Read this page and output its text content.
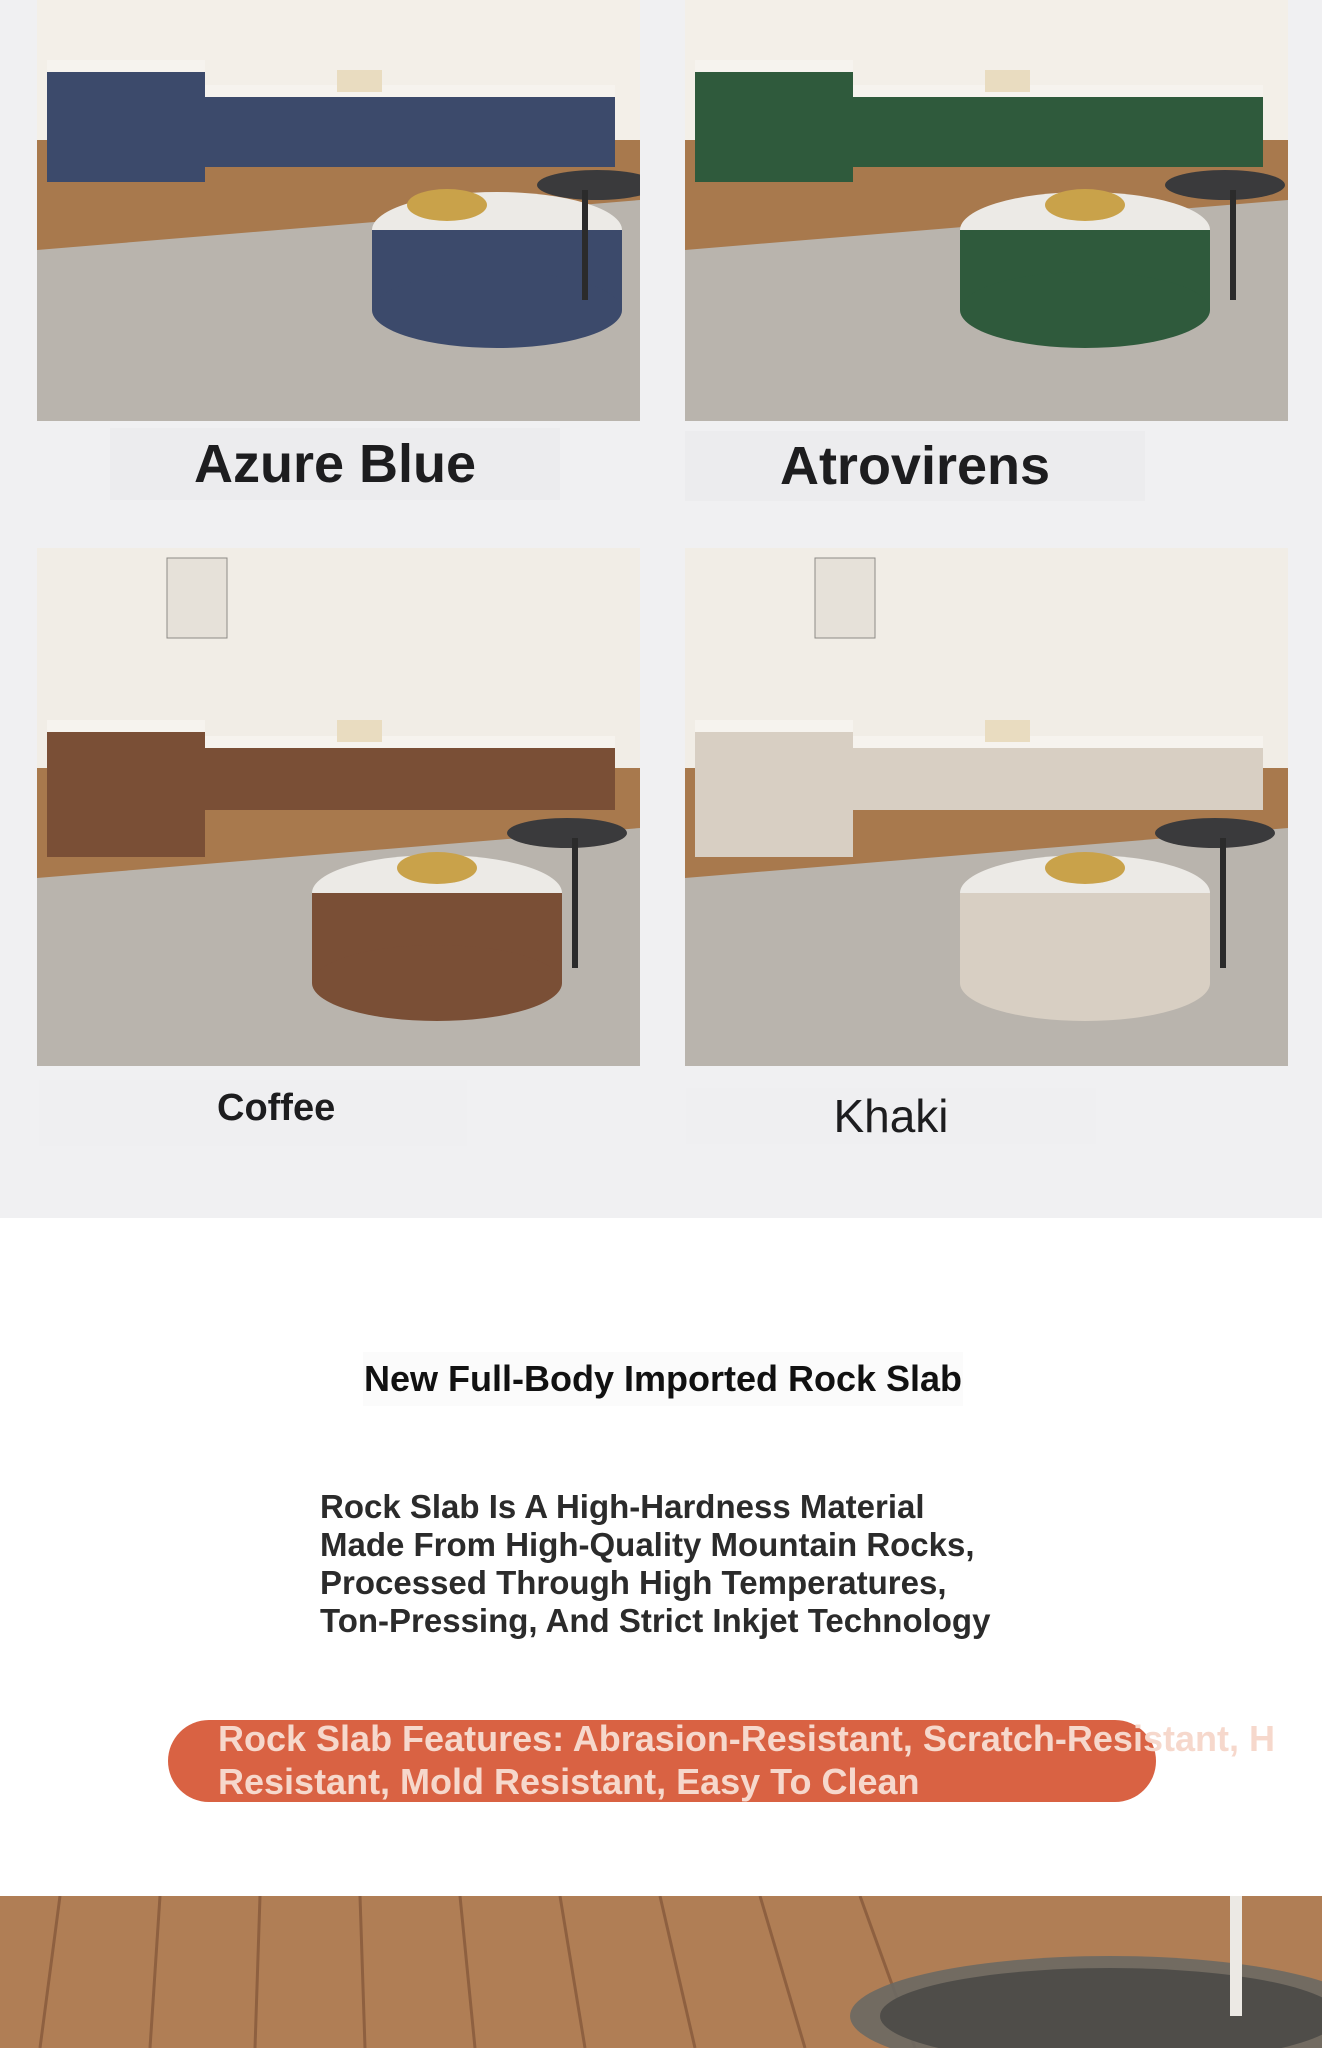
Azure Blue	Atrovirens
Coffee	Khaki
New Full-Body Imported Rock Slab
Rock Slab Is A High-Hardness Material
Made From High-Quality Mountain Rocks,
Processed Through High Temperatures,
Ton-Pressing, And Strict Inkjet Technology
Rock Slab Features: Abrasion-Resistant, Scratch-Resistant, H
Resistant, Mold Resistant, Easy To Clean
